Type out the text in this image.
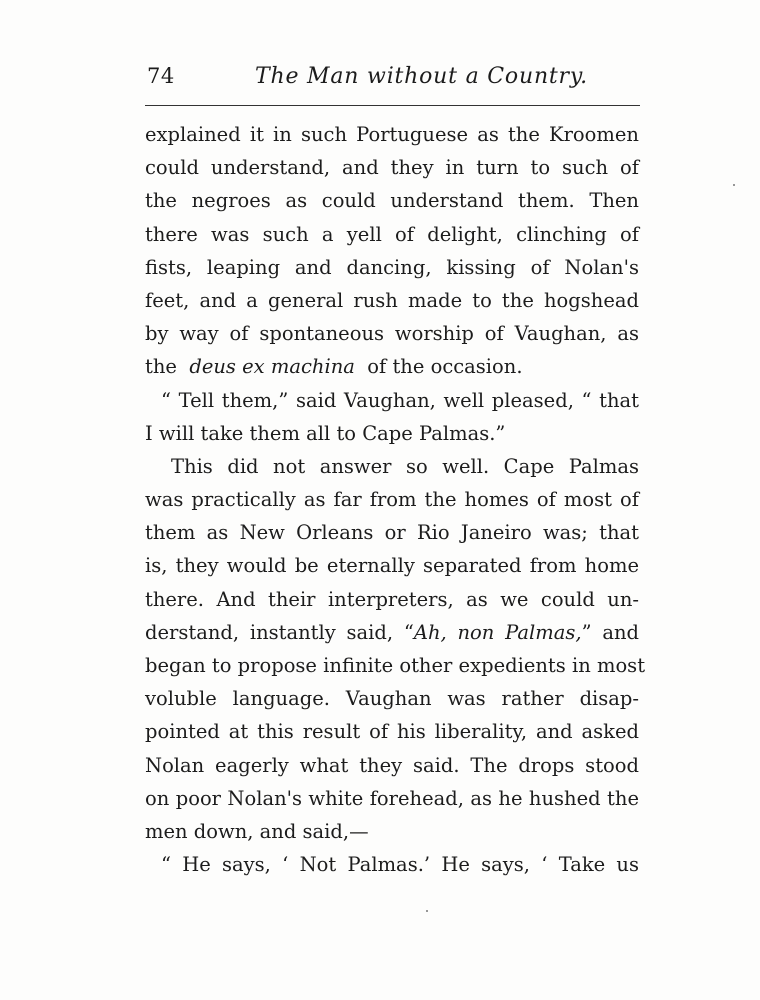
74	The Man without a Country.
explained it in such Portuguese as the Kroomen
could understand, and they in turn to such of
the negroes as could understand them. Then
there was such a yell of delight, clinching of
fists, leaping and dancing, kissing of Nolan's
feet, and a general rush made to the hogshead
by way of spontaneous worship of Vaughan, as
the deus ex machina of the occasion.
“ Tell them,” said Vaughan, well pleased, “ that
I will take them all to Cape Palmas.”
This did not answer so well. Cape Palmas
was practically as far from the homes of most of
them as New Orleans or Rio Janeiro was; that
is, they would be eternally separated from home
there. And their interpreters, as we could un-
derstand, instantly said, “Ah, non Palmas,” and
began to propose infinite other expedients in most
voluble language. Vaughan was rather disap-
pointed at this result of his liberality, and asked
Nolan eagerly what they said. The drops stood
on poor Nolan's white forehead, as he hushed the
men down, and said,—
“ He says, ‘ Not Palmas.’ He says, ‘ Take us
